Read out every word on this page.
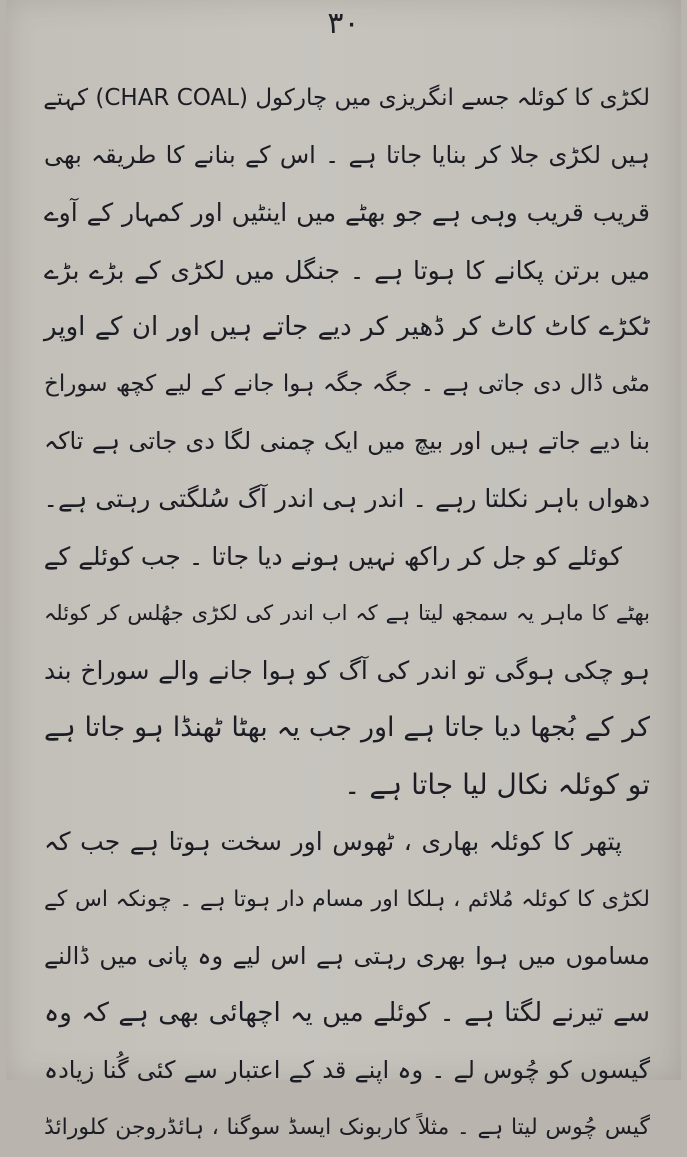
۳۰
لکڑی کا کوئلہ جسے انگریزی میں چارکول (CHAR COAL) کہتے
ہیں لکڑی جلا کر بنایا جاتا ہے ۔ اس کے بنانے کا طریقہ بھی
قریب قریب وہی ہے جو بھٹے میں اینٹیں اور کمہار کے آوے
میں برتن پکانے کا ہوتا ہے ۔ جنگل میں لکڑی کے بڑے بڑے
ٹکڑے کاٹ کاٹ کر ڈھیر کر دیے جاتے ہیں اور ان کے اوپر
مٹی ڈال دی جاتی ہے ۔ جگہ جگہ ہوا جانے کے لیے کچھ سوراخ
بنا دیے جاتے ہیں اور بیچ میں ایک چمنی لگا دی جاتی ہے تاکہ
دھواں باہر نکلتا رہے ۔ اندر ہی اندر آگ سُلگتی رہتی ہے۔
کوئلے کو جل کر راکھ نہیں ہونے دیا جاتا ۔ جب کوئلے کے
بھٹے کا ماہر یہ سمجھ لیتا ہے کہ اب اندر کی لکڑی جھُلس کر کوئلہ
ہو چکی ہوگی تو اندر کی آگ کو ہوا جانے والے سوراخ بند
کر کے بُجھا دیا جاتا ہے اور جب یہ بھٹا ٹھنڈا ہو جاتا ہے
تو کوئلہ نکال لیا جاتا ہے ۔
پتھر کا کوئلہ بھاری ، ٹھوس اور سخت ہوتا ہے جب کہ
لکڑی کا کوئلہ مُلائم ، ہلکا اور مسام دار ہوتا ہے ۔ چونکہ اس کے
مساموں میں ہوا بھری رہتی ہے اس لیے وہ پانی میں ڈالنے
سے تیرنے لگتا ہے ۔ کوئلے میں یہ اچھائی بھی ہے کہ وہ
گیسوں کو چُوس لے ۔ وہ اپنے قد کے اعتبار سے کئی گُنا زیادہ
گیس چُوس لیتا ہے ۔ مثلاً کاربونک ایسڈ سوگنا ، ہائڈروجن کلورائڈ
